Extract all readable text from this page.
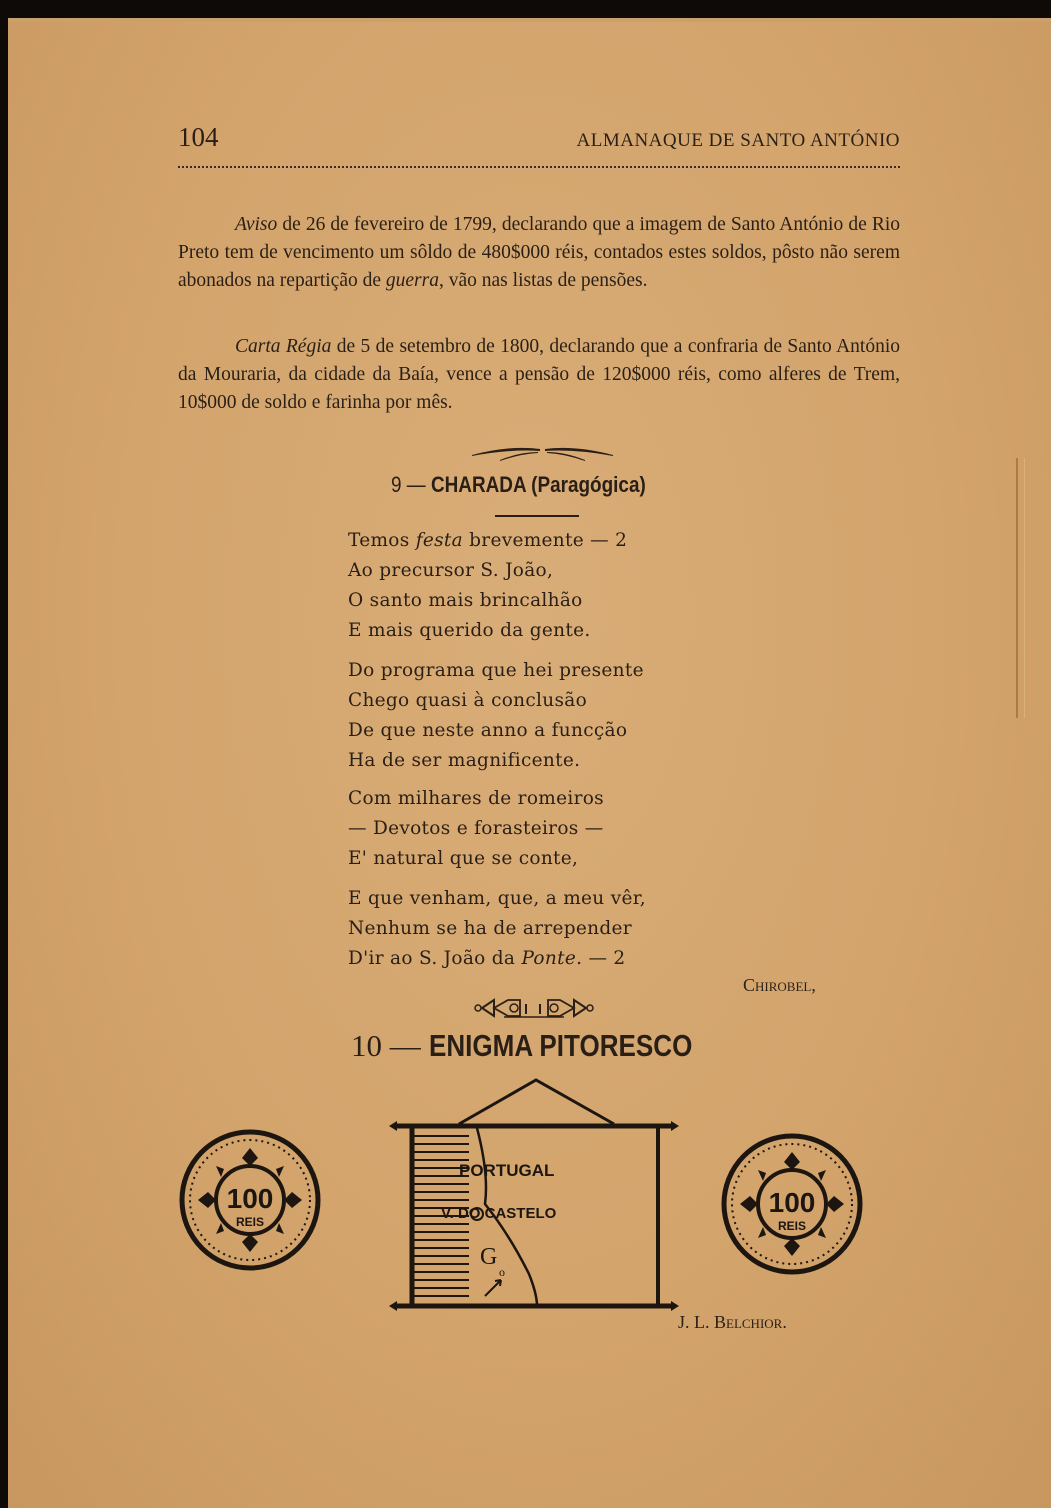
104	ALMANAQUE DE SANTO ANTÓNIO
Aviso de 26 de fevereiro de 1799, declarando que a imagem de Santo António de Rio Preto tem de vencimento um sôldo de 480$000 réis, contados estes soldos, pôsto não serem abonados na repartição de guerra, vão nas listas de pensões.
Carta Régia de 5 de setembro de 1800, declarando que a confraria de Santo António da Mouraria, da cidade da Baía, vence a pensão de 120$000 réis, como alferes de Trem, 10$000 de soldo e farinha por mês.
9 — CHARADA (Paragógica)
Temos festa brevemente — 2
Ao precursor S. João,
O santo mais brincalhão
E mais querido da gente.
Do programa que hei presente
Chego quasi à conclusão
De que neste anno a funcção
Ha de ser magnificente.
Com milhares de romeiros
— Devotos e forasteiros —
E' natural que se conte,
E que venham, que, a meu vêr,
Nenhum se ha de arrepender
D'ir ao S. João da Ponte. — 2
Chirobel,
10 — ENIGMA PITORESCO
100
REIS
PORTUGAL
V. DO CASTELO
G
o
100
REIS
J. L. Belchior.
